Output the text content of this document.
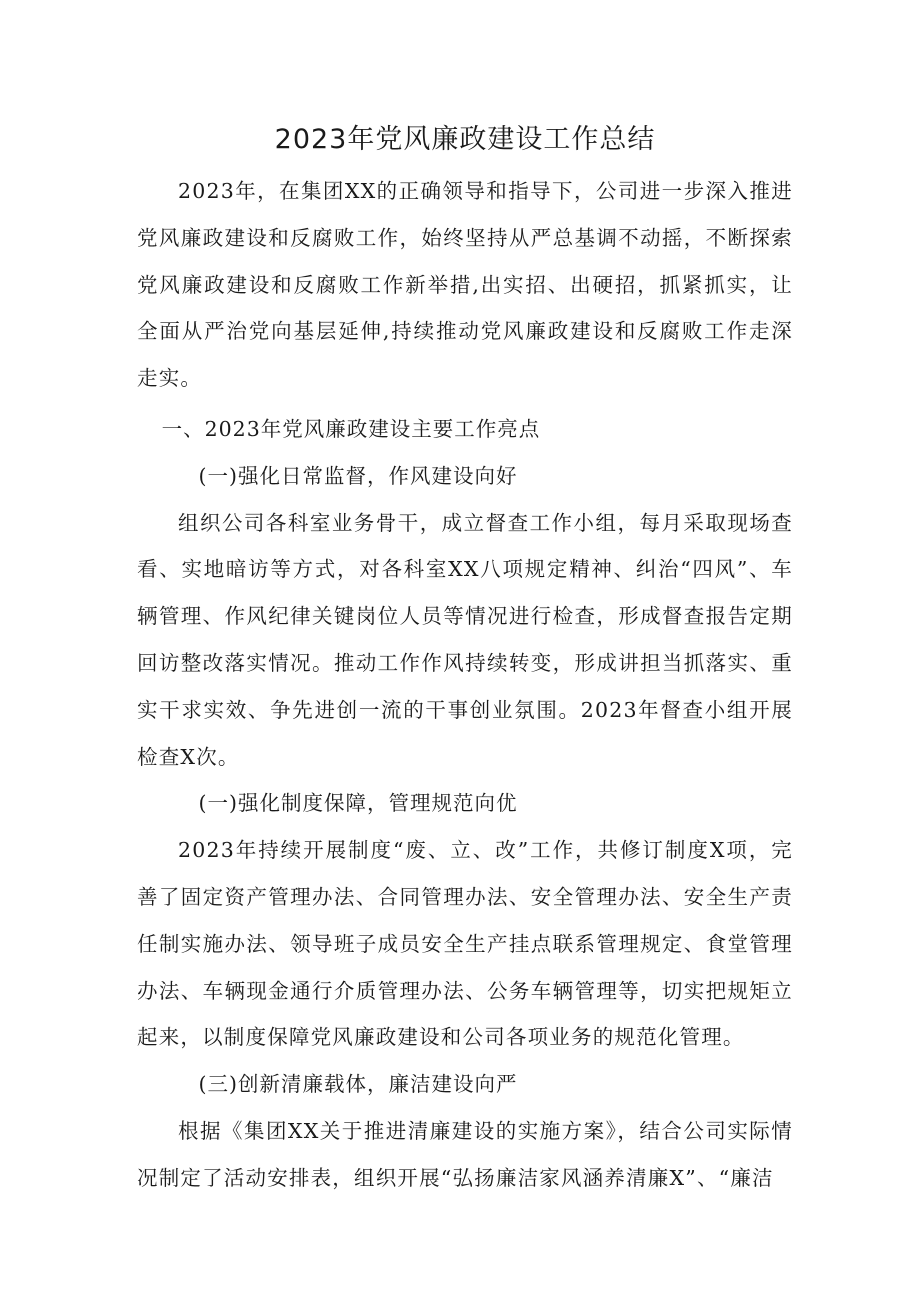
2023年党风廉政建设工作总结

2023年，在集团XX的正确领导和指导下，公司进一步深入推进党风廉政建设和反腐败工作，始终坚持从严总基调不动摇，不断探索党风廉政建设和反腐败工作新举措,出实招、出硬招，抓紧抓实，让全面从严治党向基层延伸,持续推动党风廉政建设和反腐败工作走深走实。

一、2023年党风廉政建设主要工作亮点

(一)强化日常监督，作风建设向好

组织公司各科室业务骨干，成立督查工作小组，每月采取现场查看、实地暗访等方式，对各科室XX八项规定精神、纠治“四风”、车辆管理、作风纪律关键岗位人员等情况进行检查，形成督查报告定期回访整改落实情况。推动工作作风持续转变，形成讲担当抓落实、重实干求实效、争先进创一流的干事创业氛围。2023年督查小组开展检查X次。

(一)强化制度保障，管理规范向优

2023年持续开展制度“废、立、改”工作，共修订制度X项，完善了固定资产管理办法、合同管理办法、安全管理办法、安全生产责任制实施办法、领导班子成员安全生产挂点联系管理规定、食堂管理办法、车辆现金通行介质管理办法、公务车辆管理等，切实把规矩立起来，以制度保障党风廉政建设和公司各项业务的规范化管理。

(三)创新清廉载体，廉洁建设向严

根据《集团XX关于推进清廉建设的实施方案》，结合公司实际情况制定了活动安排表，组织开展“弘扬廉洁家风涵养清廉X”、“廉洁
